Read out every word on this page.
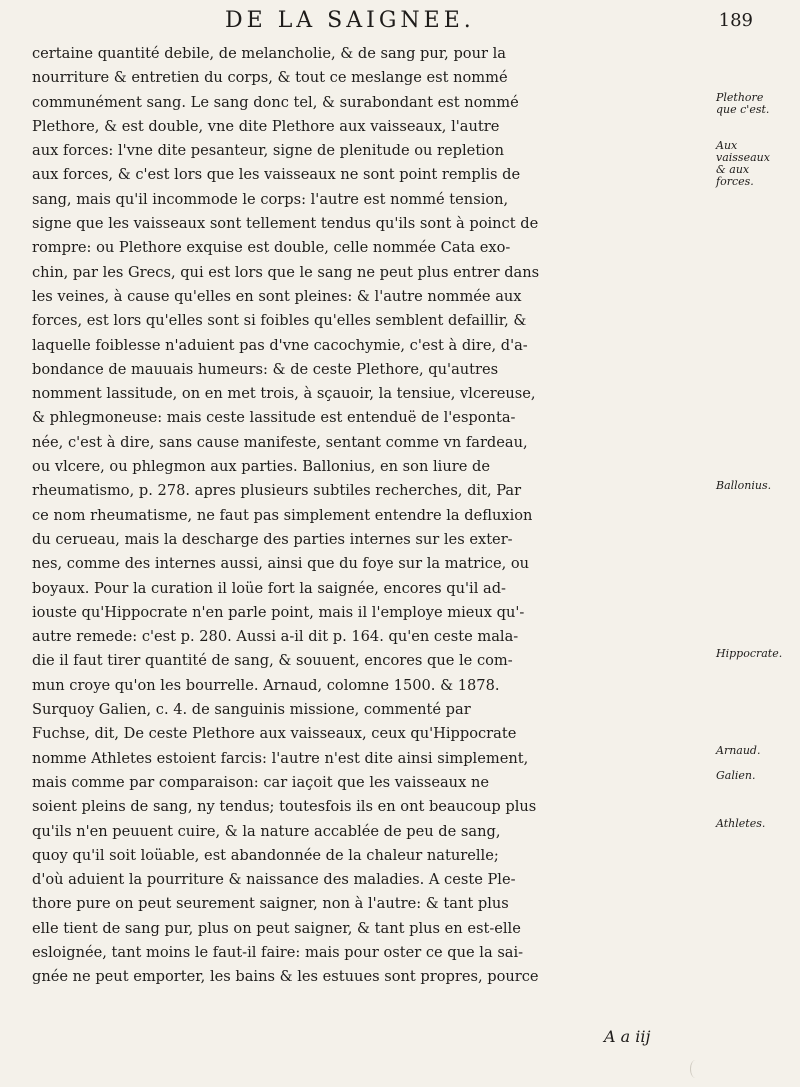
DE LA SAIGNEE.	189
certaine quantité debile, de melancholie, & de sang pur, pour la
nourriture & entretien du corps, & tout ce meslange est nommé
communément sang. Le sang donc tel, & surabondant est nommé
Plethore, & est double, vne dite Plethore aux vaisseaux, l'autre
aux forces: l'vne dite pesanteur, signe de plenitude ou repletion
aux forces, & c'est lors que les vaisseaux ne sont point remplis de
sang, mais qu'il incommode le corps: l'autre est nommé tension,
signe que les vaisseaux sont tellement tendus qu'ils sont à poinct de
rompre: ou Plethore exquise est double, celle nommée Cata exo-
chin, par les Grecs, qui est lors que le sang ne peut plus entrer dans
les veines, à cause qu'elles en sont pleines: & l'autre nommée aux
forces, est lors qu'elles sont si foibles qu'elles semblent defaillir, &
laquelle foiblesse n'aduient pas d'vne cacochymie, c'est à dire, d'a-
bondance de mauuais humeurs: & de ceste Plethore, qu'autres
nomment lassitude, on en met trois, à sçauoir, la tensiue, vlcereuse,
& phlegmoneuse: mais ceste lassitude est entenduë de l'esponta-
née, c'est à dire, sans cause manifeste, sentant comme vn fardeau,
ou vlcere, ou phlegmon aux parties. Ballonius, en son liure de
rheumatismo, p. 278. apres plusieurs subtiles recherches, dit, Par
ce nom rheumatisme, ne faut pas simplement entendre la defluxion
du cerueau, mais la descharge des parties internes sur les exter-
nes, comme des internes aussi, ainsi que du foye sur la matrice, ou
boyaux. Pour la curation il loüe fort la saignée, encores qu'il ad-
iouste qu'Hippocrate n'en parle point, mais il l'employe mieux qu'-
autre remede: c'est p. 280. Aussi a-il dit p. 164. qu'en ceste mala-
die il faut tirer quantité de sang, & souuent, encores que le com-
mun croye qu'on les bourrelle. Arnaud, colomne 1500. & 1878.
Surquoy Galien, c. 4. de sanguinis missione, commenté par
Fuchse, dit, De ceste Plethore aux vaisseaux, ceux qu'Hippocrate
nomme Athletes estoient farcis: l'autre n'est dite ainsi simplement,
mais comme par comparaison: car iaçoit que les vaisseaux ne
soient pleins de sang, ny tendus; toutesfois ils en ont beaucoup plus
qu'ils n'en peuuent cuire, & la nature accablée de peu de sang,
quoy qu'il soit loüable, est abandonnée de la chaleur naturelle;
d'où aduient la pourriture & naissance des maladies. A ceste Ple-
thore pure on peut seurement saigner, non à l'autre: & tant plus
elle tient de sang pur, plus on peut saigner, & tant plus en est-elle
esloignée, tant moins le faut-il faire: mais pour oster ce que la sai-
gnée ne peut emporter, les bains & les estuues sont propres, pource
Plethore
que c'est.
Aux
vaisseaux
& aux
forces.
Ballonius.
Hippocrate.
Arnaud.
Galien.
Athletes.
A a iij
